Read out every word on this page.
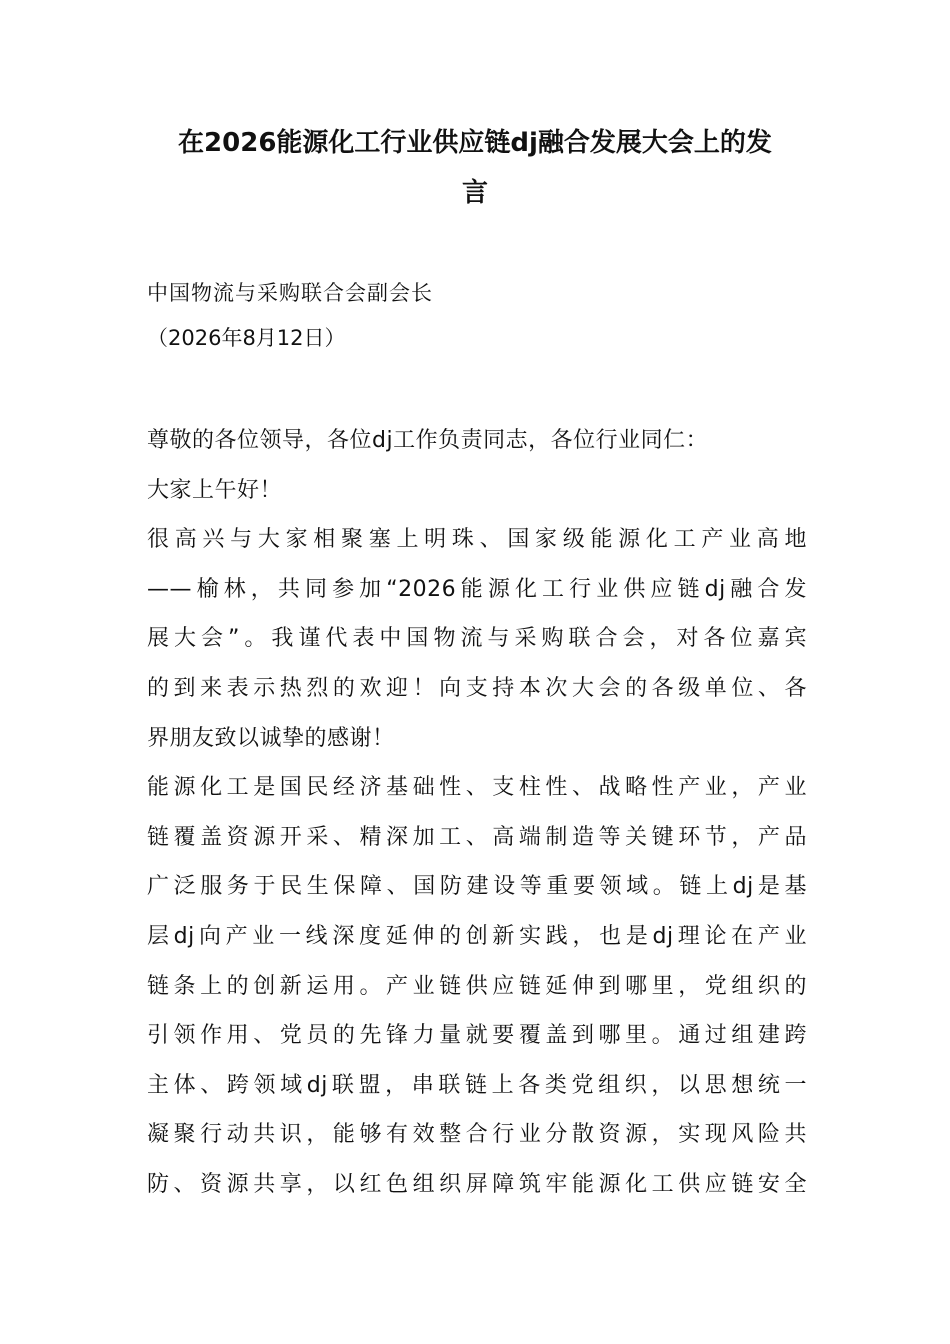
在2026能源化工行业供应链dj融合发展大会上的发
言
中国物流与采购联合会副会长
（2026年8月12日）
尊敬的各位领导，各位dj工作负责同志，各位行业同仁：
大家上午好！
很高兴与大家相聚塞上明珠、国家级能源化工产业高地
——榆林，共同参加“2026能源化工行业供应链dj融合发
展大会”。我谨代表中国物流与采购联合会，对各位嘉宾
的到来表示热烈的欢迎！向支持本次大会的各级单位、各
界朋友致以诚挚的感谢！
能源化工是国民经济基础性、支柱性、战略性产业，产业
链覆盖资源开采、精深加工、高端制造等关键环节，产品
广泛服务于民生保障、国防建设等重要领域。链上dj是基
层dj向产业一线深度延伸的创新实践，也是dj理论在产业
链条上的创新运用。产业链供应链延伸到哪里，党组织的
引领作用、党员的先锋力量就要覆盖到哪里。通过组建跨
主体、跨领域dj联盟，串联链上各类党组织，以思想统一
凝聚行动共识，能够有效整合行业分散资源，实现风险共
防、资源共享，以红色组织屏障筑牢能源化工供应链安全
